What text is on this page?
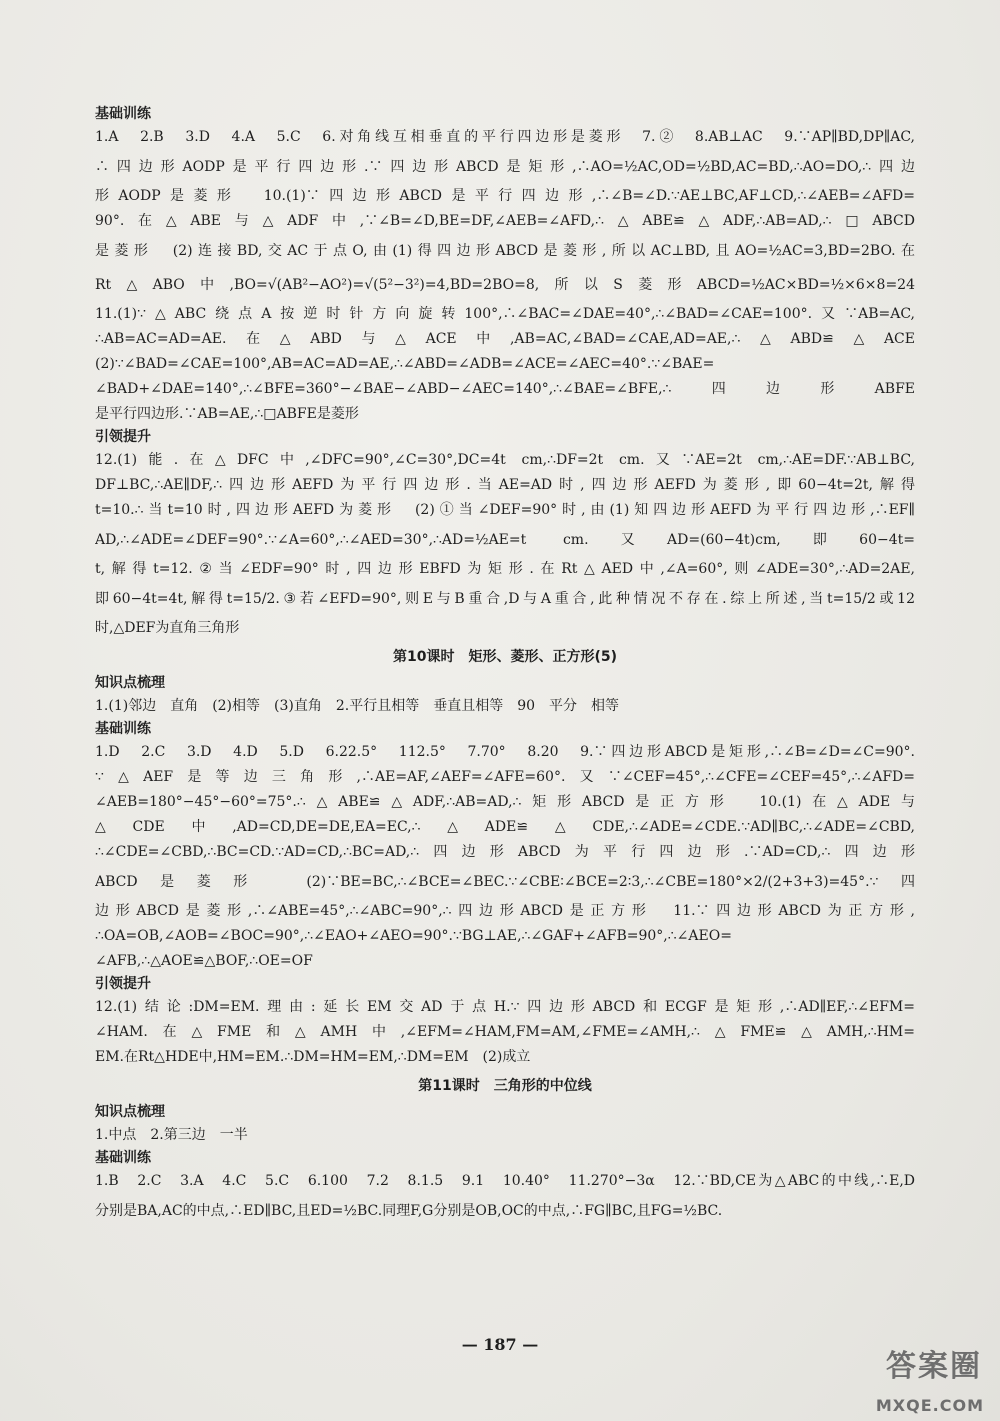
基础训练

1.A　2.B　3.D　4.A　5.C　6.对角线互相垂直的平行四边形是菱形　7.②　8.AB⊥AC　9.∵AP∥BD,DP∥AC,

∴四边形AODP是平行四边形.∵四边形ABCD是矩形,∴AO=½AC,OD=½BD,AC=BD,∴AO=DO,∴四边

形AODP是菱形　10.(1)∵四边形ABCD是平行四边形,∴∠B=∠D.∵AE⊥BC,AF⊥CD,∴∠AEB=∠AFD=

90°.在△ABE与△ADF中,∵∠B=∠D,BE=DF,∠AEB=∠AFD,∴△ABE≌△ADF,∴AB=AD,∴□ABCD

是菱形　(2)连接BD,交AC于点O,由(1)得四边形ABCD是菱形,所以AC⊥BD,且AO=½AC=3,BD=2BO.在

Rt△ABO中,BO=√(AB²−AO²)=√(5²−3²)=4,BD=2BO=8,所以S菱形ABCD=½AC×BD=½×6×8=24

11.(1)∵△ABC绕点A按逆时针方向旋转100°,∴∠BAC=∠DAE=40°,∴∠BAD=∠CAE=100°.又∵AB=AC,

∴AB=AC=AD=AE.在△ABD与△ACE中,AB=AC,∠BAD=∠CAE,AD=AE,∴△ABD≌△ACE

(2)∵∠BAD=∠CAE=100°,AB=AC=AD=AE,∴∠ABD=∠ADB=∠ACE=∠AEC=40°.∵∠BAE=

∠BAD+∠DAE=140°,∴∠BFE=360°−∠BAE−∠ABD−∠AEC=140°,∴∠BAE=∠BFE,∴四边形ABFE

是平行四边形.∵AB=AE,∴□ABFE是菱形

引领提升

12.(1)能.在△DFC中,∠DFC=90°,∠C=30°,DC=4t cm,∴DF=2t cm.又∵AE=2t cm,∴AE=DF.∵AB⊥BC,

DF⊥BC,∴AE∥DF,∴四边形AEFD为平行四边形.当AE=AD时,四边形AEFD为菱形,即60−4t=2t,解得

t=10.∴当t=10时,四边形AEFD为菱形　(2)①当∠DEF=90°时,由(1)知四边形AEFD为平行四边形,∴EF∥

AD,∴∠ADE=∠DEF=90°.∵∠A=60°,∴∠AED=30°,∴AD=½AE=t cm.又AD=(60−4t)cm,即60−4t=

t,解得t=12.②当∠EDF=90°时,四边形EBFD为矩形.在Rt△AED中,∠A=60°,则∠ADE=30°,∴AD=2AE,

即60−4t=4t,解得t=15/2.③若∠EFD=90°,则E与B重合,D与A重合,此种情况不存在.综上所述,当t=15/2或12

时,△DEF为直角三角形

第10课时　矩形、菱形、正方形(5)
知识点梳理

1.(1)邻边　直角　(2)相等　(3)直角　2.平行且相等　垂直且相等　90　平分　相等

基础训练

1.D　2.C　3.D　4.D　5.D　6.22.5°　112.5°　7.70°　8.20　9.∵四边形ABCD是矩形,∴∠B=∠D=∠C=90°.

∵△AEF是等边三角形,∴AE=AF,∠AEF=∠AFE=60°.又∵∠CEF=45°,∴∠CFE=∠CEF=45°,∴∠AFD=

∠AEB=180°−45°−60°=75°.∴△ABE≌△ADF,∴AB=AD,∴矩形ABCD是正方形　10.(1)在△ADE与

△CDE中,AD=CD,DE=DE,EA=EC,∴△ADE≌△CDE,∴∠ADE=∠CDE.∵AD∥BC,∴∠ADE=∠CBD,

∴∠CDE=∠CBD,∴BC=CD.∵AD=CD,∴BC=AD,∴四边形ABCD为平行四边形.∵AD=CD,∴四边形

ABCD是菱形　(2)∵BE=BC,∴∠BCE=∠BEC.∵∠CBE∶∠BCE=2∶3,∴∠CBE=180°×2/(2+3+3)=45°.∵四

边形ABCD是菱形,∴∠ABE=45°,∴∠ABC=90°,∴四边形ABCD是正方形　11.∵四边形ABCD为正方形,

∴OA=OB,∠AOB=∠BOC=90°,∴∠EAO+∠AEO=90°.∵BG⊥AE,∴∠GAF+∠AFB=90°,∴∠AEO=

∠AFB,∴△AOE≌△BOF,∴OE=OF

引领提升

12.(1)结论:DM=EM.理由:延长EM交AD于点H.∵四边形ABCD和ECGF是矩形,∴AD∥EF,∴∠EFM=

∠HAM.在△FME和△AMH中,∠EFM=∠HAM,FM=AM,∠FME=∠AMH,∴△FME≌△AMH,∴HM=

EM.在Rt△HDE中,HM=EM.∴DM=HM=EM,∴DM=EM　(2)成立

第11课时　三角形的中位线
知识点梳理

1.中点　2.第三边　一半

基础训练

1.B　2.C　3.A　4.C　5.C　6.100　7.2　8.1.5　9.1　10.40°　11.270°−3α　12.∵BD,CE为△ABC的中线,∴E,D

分别是BA,AC的中点,∴ED∥BC,且ED=½BC.同理F,G分别是OB,OC的中点,∴FG∥BC,且FG=½BC.

— 187 —
答案圈
MXQE.COM
